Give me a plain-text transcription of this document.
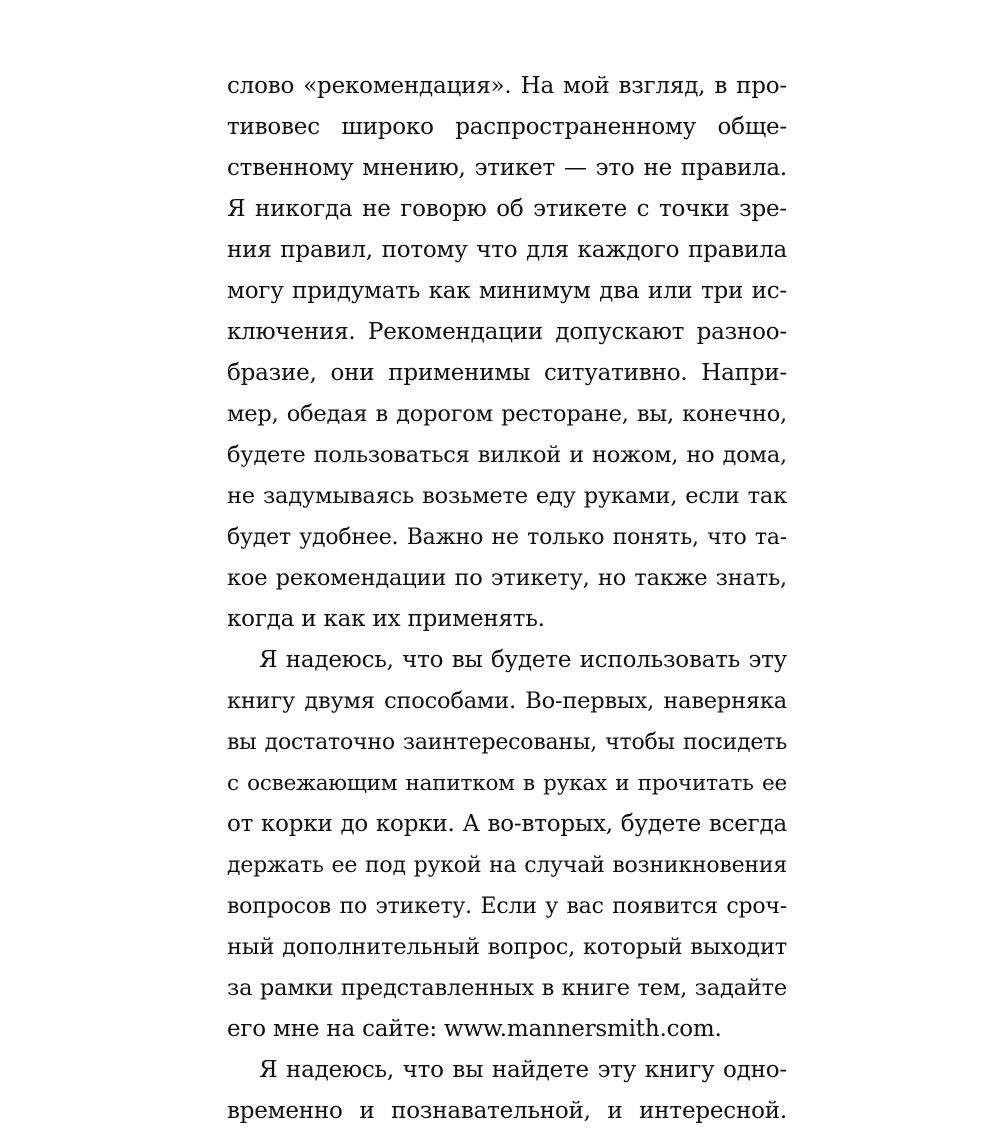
слово «рекомендация». На мой взгляд, в про-
тивовес широко распространенному обще-
ственному мнению, этикет — это не правила.
Я никогда не говорю об этикете с точки зре-
ния правил, потому что для каждого правила
могу придумать как минимум два или три ис-
ключения. Рекомендации допускают разноо-
бразие, они применимы ситуативно. Напри-
мер, обедая в дорогом ресторане, вы, конечно,
будете пользоваться вилкой и ножом, но дома,
не задумываясь возьмете еду руками, если так
будет удобнее. Важно не только понять, что та-
кое рекомендации по этикету, но также знать,
когда и как их применять.
Я надеюсь, что вы будете использовать эту
книгу двумя способами. Во-первых, наверняка
вы достаточно заинтересованы, чтобы посидеть
с освежающим напитком в руках и прочитать ее
от корки до корки. А во-вторых, будете всегда
держать ее под рукой на случай возникновения
вопросов по этикету. Если у вас появится сроч-
ный дополнительный вопрос, который выходит
за рамки представленных в книге тем, задайте
его мне на сайте: www.mannersmith.com.
Я надеюсь, что вы найдете эту книгу одно-
временно и познавательной, и интересной.
